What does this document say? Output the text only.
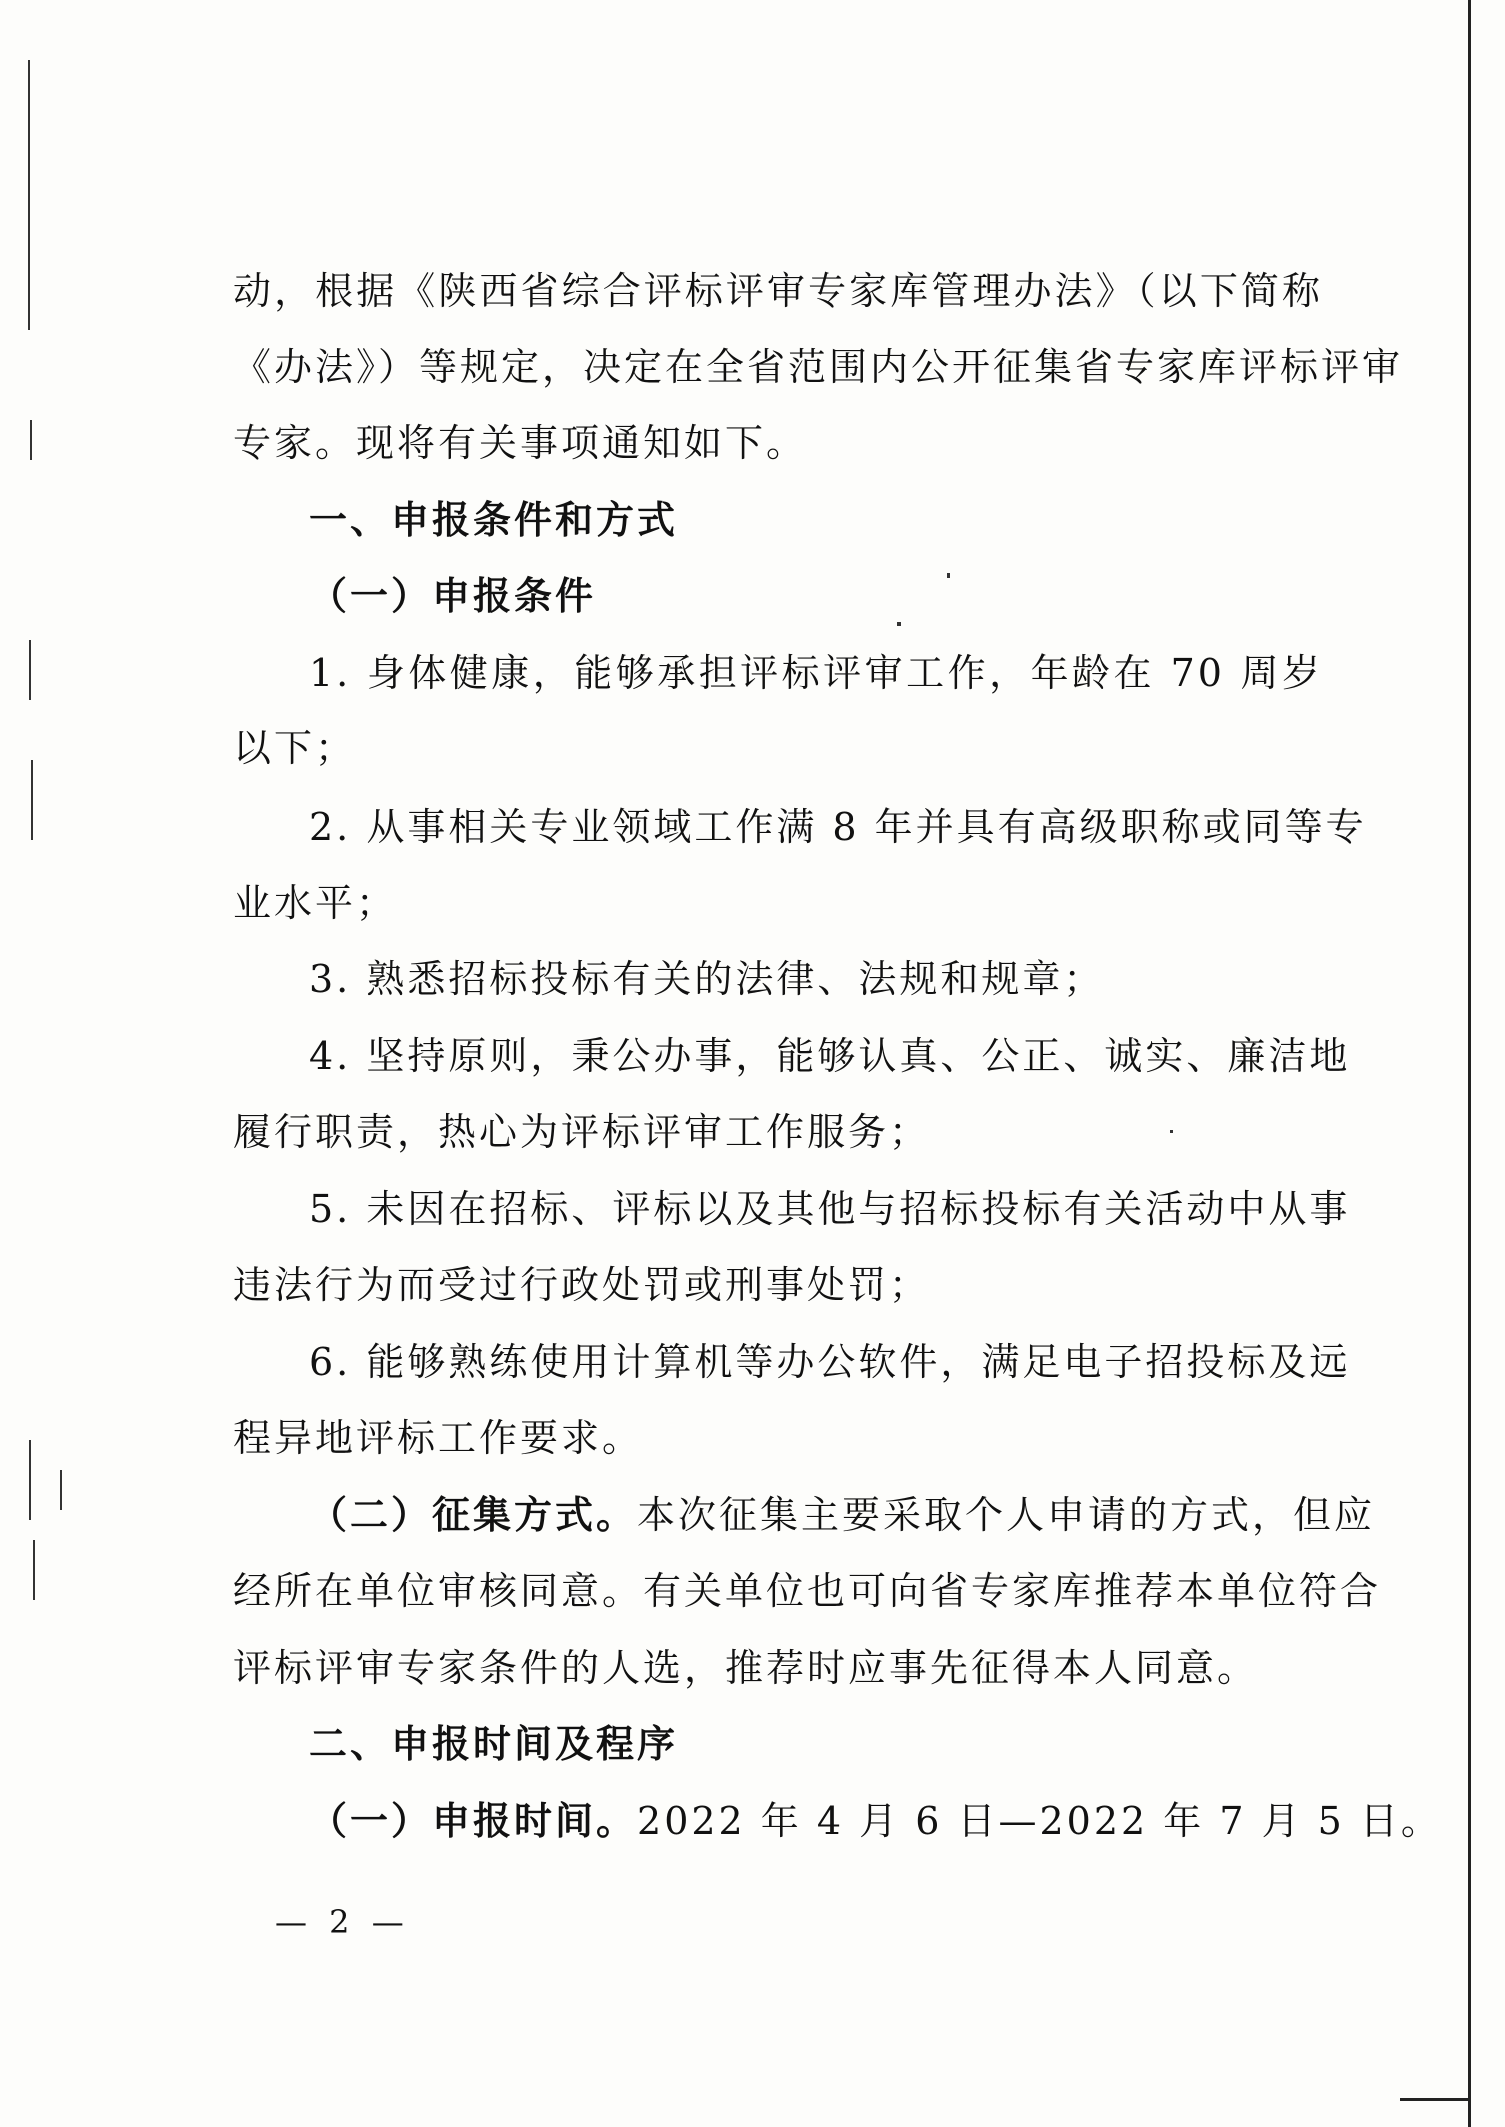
动，根据《陕西省综合评标评审专家库管理办法》（以下简称
《办法》）等规定，决定在全省范围内公开征集省专家库评标评审
专家。现将有关事项通知如下。
一、申报条件和方式
（一）申报条件
1. 身体健康，能够承担评标评审工作，年龄在 70 周岁
以下；
2. 从事相关专业领域工作满 8 年并具有高级职称或同等专
业水平；
3. 熟悉招标投标有关的法律、法规和规章；
4. 坚持原则，秉公办事，能够认真、公正、诚实、廉洁地
履行职责，热心为评标评审工作服务；
5. 未因在招标、评标以及其他与招标投标有关活动中从事
违法行为而受过行政处罚或刑事处罚；
6. 能够熟练使用计算机等办公软件，满足电子招投标及远
程异地评标工作要求。
（二）征集方式。本次征集主要采取个人申请的方式，但应
经所在单位审核同意。有关单位也可向省专家库推荐本单位符合
评标评审专家条件的人选，推荐时应事先征得本人同意。
二、申报时间及程序
（一）申报时间。2022 年 4 月 6 日—2022 年 7 月 5 日。
— 2 —
